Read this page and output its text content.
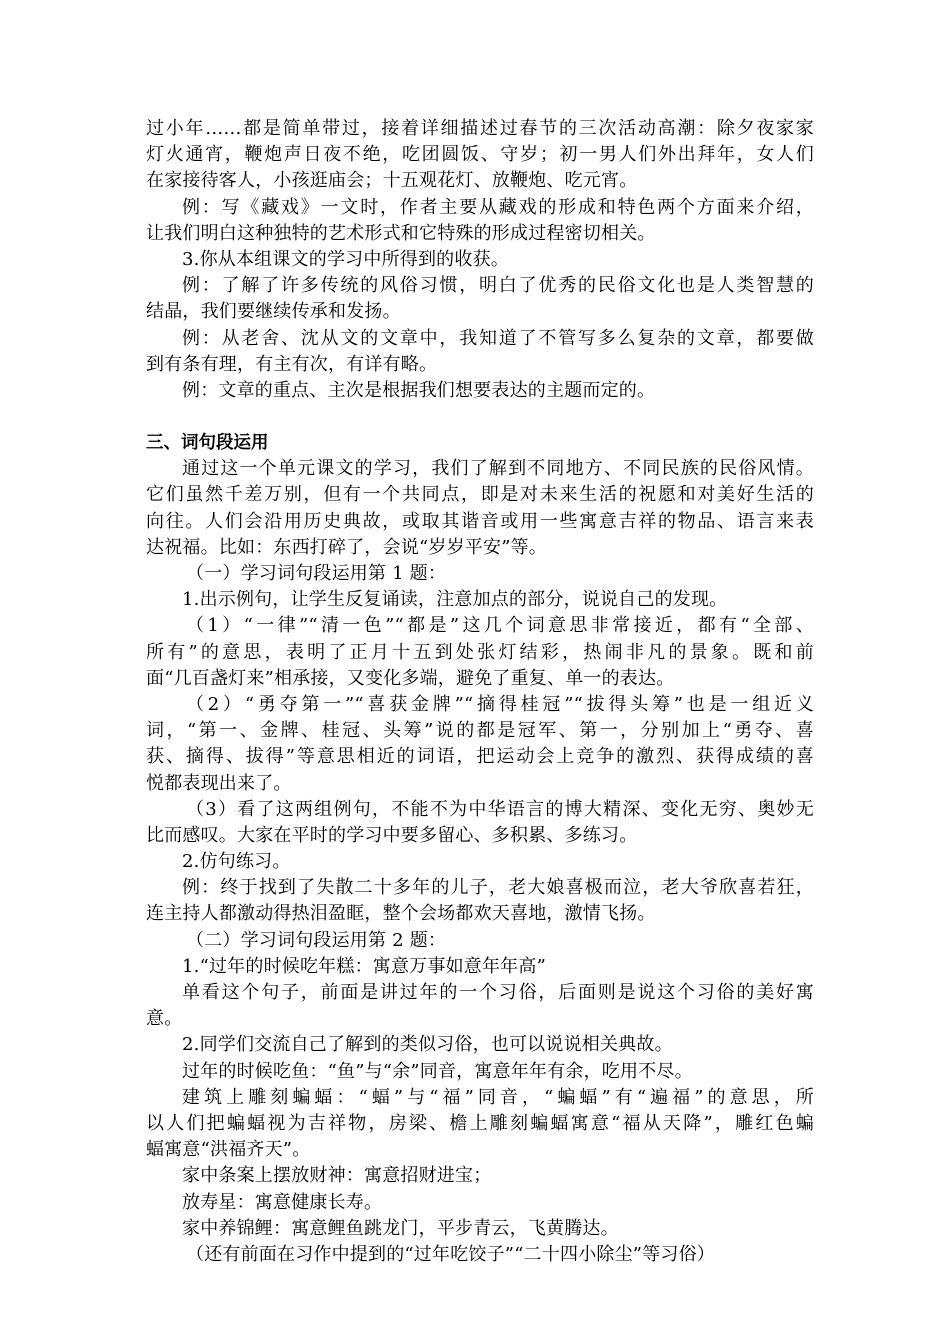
过小年……都是简单带过，接着详细描述过春节的三次活动高潮：除夕夜家家
灯火通宵，鞭炮声日夜不绝，吃团圆饭、守岁；初一男人们外出拜年，女人们
在家接待客人，小孩逛庙会；十五观花灯、放鞭炮、吃元宵。
例：写《藏戏》一文时，作者主要从藏戏的形成和特色两个方面来介绍，
让我们明白这种独特的艺术形式和它特殊的形成过程密切相关。
3.你从本组课文的学习中所得到的收获。
例：了解了许多传统的风俗习惯，明白了优秀的民俗文化也是人类智慧的
结晶，我们要继续传承和发扬。
例：从老舍、沈从文的文章中，我知道了不管写多么复杂的文章，都要做
到有条有理，有主有次，有详有略。
例：文章的重点、主次是根据我们想要表达的主题而定的。
三、词句段运用
通过这一个单元课文的学习，我们了解到不同地方、不同民族的民俗风情。
它们虽然千差万别，但有一个共同点，即是对未来生活的祝愿和对美好生活的
向往。人们会沿用历史典故，或取其谐音或用一些寓意吉祥的物品、语言来表
达祝福。比如：东西打碎了，会说“岁岁平安”等。
（一）学习词句段运用第 1 题：
1.出示例句，让学生反复诵读，注意加点的部分，说说自己的发现。
（1）“一律”“清一色”“都是”这几个词意思非常接近，都有“全部、
所有”的意思，表明了正月十五到处张灯结彩，热闹非凡的景象。既和前
面“几百盏灯来”相承接，又变化多端，避免了重复、单一的表达。
（2）“勇夺第一”“喜获金牌”“摘得桂冠”“拔得头筹”也是一组近义
词，“第一、金牌、桂冠、头筹”说的都是冠军、第一，分别加上“勇夺、喜
获、摘得、拔得”等意思相近的词语，把运动会上竞争的激烈、获得成绩的喜
悦都表现出来了。
（3）看了这两组例句，不能不为中华语言的博大精深、变化无穷、奥妙无
比而感叹。大家在平时的学习中要多留心、多积累、多练习。
2.仿句练习。
例：终于找到了失散二十多年的儿子，老大娘喜极而泣，老大爷欣喜若狂，
连主持人都激动得热泪盈眶，整个会场都欢天喜地，激情飞扬。
（二）学习词句段运用第 2 题：
1.“过年的时候吃年糕：寓意万事如意年年高”
单看这个句子，前面是讲过年的一个习俗，后面则是说这个习俗的美好寓
意。
2.同学们交流自己了解到的类似习俗，也可以说说相关典故。
过年的时候吃鱼：“鱼”与“余”同音，寓意年年有余，吃用不尽。
建筑上雕刻蝙蝠：“蝠”与“福”同音，“蝙蝠”有“遍福”的意思，所
以人们把蝙蝠视为吉祥物，房梁、檐上雕刻蝙蝠寓意“福从天降”，雕红色蝙
蝠寓意“洪福齐天”。
家中条案上摆放财神：寓意招财进宝；
放寿星：寓意健康长寿。
家中养锦鲤：寓意鲤鱼跳龙门，平步青云，飞黄腾达。
（还有前面在习作中提到的“过年吃饺子”“二十四小除尘”等习俗）
